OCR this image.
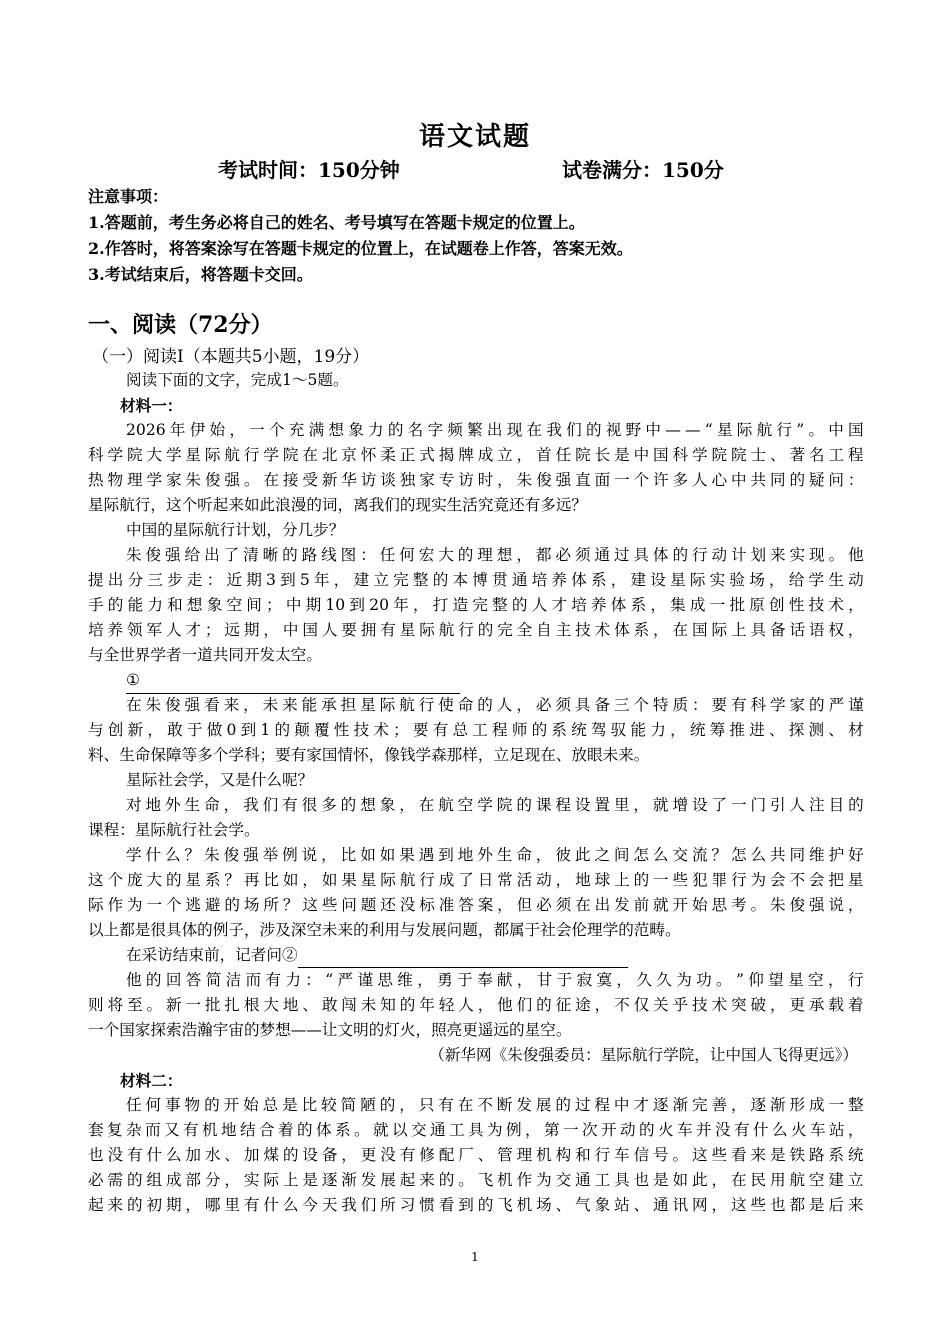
语文试题
考试时间：150分钟	试卷满分：150分
注意事项：
1.答题前，考生务必将自己的姓名、考号填写在答题卡规定的位置上。
2.作答时，将答案涂写在答题卡规定的位置上，在试题卷上作答，答案无效。
3.考试结束后，将答题卡交回。
一、阅读（72分）
（一）阅读Ⅰ（本题共5小题，19分）
阅读下面的文字，完成1～5题。
材料一：
2026 年 伊 始 ， 一 个 充 满 想 象 力 的 名 字 频 繁 出 现 在 我 们 的 视 野 中 — — “ 星 际 航 行 ” 。 中 国
科 学 院 大 学 星 际 航 行 学 院 在 北 京 怀 柔 正 式 揭 牌 成 立 ， 首 任 院 长 是 中 国 科 学 院 院 士 、 著 名 工 程
热 物 理 学 家 朱 俊 强 。 在 接 受 新 华 访 谈 独 家 专 访 时 ， 朱 俊 强 直 面 一 个 许 多 人 心 中 共 同 的 疑 问 ：
星际航行，这个听起来如此浪漫的词，离我们的现实生活究竟还有多远？
中国的星际航行计划，分几步？
朱 俊 强 给 出 了 清 晰 的 路 线 图 ： 任 何 宏 大 的 理 想 ， 都 必 须 通 过 具 体 的 行 动 计 划 来 实 现 。 他
提 出 分 三 步 走 ： 近 期 3 到 5 年 ， 建 立 完 整 的 本 博 贯 通 培 养 体 系 ， 建 设 星 际 实 验 场 ， 给 学 生 动
手 的 能 力 和 想 象 空 间 ； 中 期 10 到 20 年 ， 打 造 完 整 的 人 才 培 养 体 系 ， 集 成 一 批 原 创 性 技 术 ，
培 养 领 军 人 才 ； 远 期 ， 中 国 人 要 拥 有 星 际 航 行 的 完 全 自 主 技 术 体 系 ， 在 国 际 上 具 备 话 语 权 ，
与全世界学者一道共同开发太空。
①
在 朱 俊 强 看 来 ， 未 来 能 承 担 星 际 航 行 使 命 的 人 ， 必 须 具 备 三 个 特 质 ： 要 有 科 学 家 的 严 谨
与 创 新 ， 敢 于 做 0 到 1 的 颠 覆 性 技 术 ； 要 有 总 工 程 师 的 系 统 驾 驭 能 力 ， 统 筹 推 进 、 探 测 、 材
料、生命保障等多个学科；要有家国情怀，像钱学森那样，立足现在、放眼未来。
星际社会学，又是什么呢？
对 地 外 生 命 ， 我 们 有 很 多 的 想 象 ， 在 航 空 学 院 的 课 程 设 置 里 ， 就 增 设 了 一 门 引 人 注 目 的
课程：星际航行社会学。
学 什 么 ？ 朱 俊 强 举 例 说 ， 比 如 如 果 遇 到 地 外 生 命 ， 彼 此 之 间 怎 么 交 流 ？ 怎 么 共 同 维 护 好
这 个 庞 大 的 星 系 ？ 再 比 如 ， 如 果 星 际 航 行 成 了 日 常 活 动 ， 地 球 上 的 一 些 犯 罪 行 为 会 不 会 把 星
际 作 为 一 个 逃 避 的 场 所 ？ 这 些 问 题 还 没 标 准 答 案 ， 但 必 须 在 出 发 前 就 开 始 思 考 。 朱 俊 强 说 ，
以上都是很具体的例子，涉及深空未来的利用与发展问题，都属于社会伦理学的范畴。
在采访结束前，记者问②
他 的 回 答 简 洁 而 有 力 ： “ 严 谨 思 维 ， 勇 于 奉 献 ， 甘 于 寂 寞 ， 久 久 为 功 。 ” 仰 望 星 空 ， 行
则 将 至 。 新 一 批 扎 根 大 地 、 敢 闯 未 知 的 年 轻 人 ， 他 们 的 征 途 ， 不 仅 关 乎 技 术 突 破 ， 更 承 载 着
一个国家探索浩瀚宇宙的梦想——让文明的灯火，照亮更遥远的星空。
（新华网《朱俊强委员：星际航行学院，让中国人飞得更远》）
材料二：
任 何 事 物 的 开 始 总 是 比 较 简 陋 的 ， 只 有 在 不 断 发 展 的 过 程 中 才 逐 渐 完 善 ， 逐 渐 形 成 一 整
套 复 杂 而 又 有 机 地 结 合 着 的 体 系 。 就 以 交 通 工 具 为 例 ， 第 一 次 开 动 的 火 车 并 没 有 什 么 火 车 站 ，
也 没 有 什 么 加 水 、 加 煤 的 设 备 ， 更 没 有 修 配 厂 、 管 理 机 构 和 行 车 信 号 。 这 些 看 来 是 铁 路 系 统
必 需 的 组 成 部 分 ， 实 际 上 是 逐 渐 发 展 起 来 的 。 飞 机 作 为 交 通 工 具 也 是 如 此 ， 在 民 用 航 空 建 立
起 来 的 初 期 ， 哪 里 有 什 么 今 天 我 们 所 习 惯 看 到 的 飞 机 场 、 气 象 站 、 通 讯 网 ， 这 些 也 都 是 后 来
1
